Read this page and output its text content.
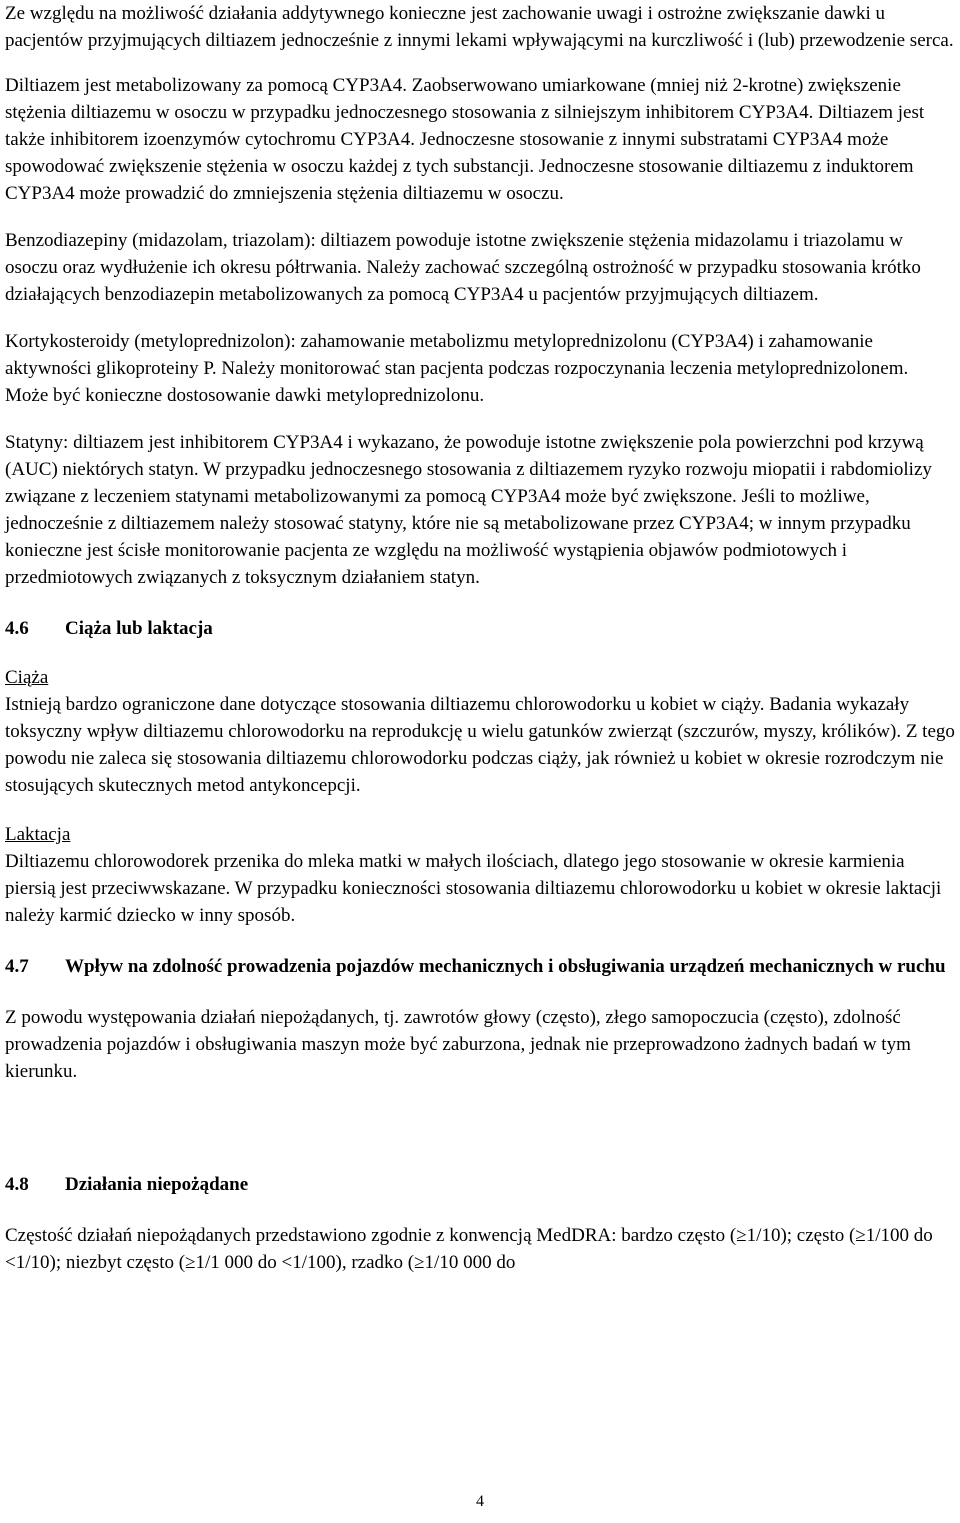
Ze względu na możliwość działania addytywnego konieczne jest zachowanie uwagi i ostrożne zwiększanie dawki u pacjentów przyjmujących diltiazem jednocześnie z innymi lekami wpływającymi na kurczliwość i (lub) przewodzenie serca.

Diltiazem jest metabolizowany za pomocą CYP3A4. Zaobserwowano umiarkowane (mniej niż 2-krotne) zwiększenie stężenia diltiazemu w osoczu w przypadku jednoczesnego stosowania z silniejszym inhibitorem CYP3A4. Diltiazem jest także inhibitorem izoenzymów cytochromu CYP3A4. Jednoczesne stosowanie z innymi substratami CYP3A4 może spowodować zwiększenie stężenia w osoczu każdej z tych substancji. Jednoczesne stosowanie diltiazemu z induktorem CYP3A4 może prowadzić do zmniejszenia stężenia diltiazemu w osoczu.

Benzodiazepiny (midazolam, triazolam): diltiazem powoduje istotne zwiększenie stężenia midazolamu i triazolamu w osoczu oraz wydłużenie ich okresu półtrwania. Należy zachować szczególną ostrożność w przypadku stosowania krótko działających benzodiazepin metabolizowanych za pomocą CYP3A4 u pacjentów przyjmujących diltiazem.

Kortykosteroidy (metyloprednizolon): zahamowanie metabolizmu metyloprednizolonu (CYP3A4) i zahamowanie aktywności glikoproteiny P. Należy monitorować stan pacjenta podczas rozpoczynania leczenia metyloprednizolonem. Może być konieczne dostosowanie dawki metyloprednizolonu.

Statyny: diltiazem jest inhibitorem CYP3A4 i wykazano, że powoduje istotne zwiększenie pola powierzchni pod krzywą (AUC) niektórych statyn. W przypadku jednoczesnego stosowania z diltiazemem ryzyko rozwoju miopatii i rabdomiolizy związane z leczeniem statynami metabolizowanymi za pomocą CYP3A4 może być zwiększone. Jeśli to możliwe, jednocześnie z diltiazemem należy stosować statyny, które nie są metabolizowane przez CYP3A4; w innym przypadku konieczne jest ścisłe monitorowanie pacjenta ze względu na możliwość wystąpienia objawów podmiotowych i przedmiotowych związanych z toksycznym działaniem statyn.

4.6	Ciąża lub laktacja

Ciąża

Istnieją bardzo ograniczone dane dotyczące stosowania diltiazemu chlorowodorku u kobiet w ciąży. Badania wykazały toksyczny wpływ diltiazemu chlorowodorku na reprodukcję u wielu gatunków zwierząt (szczurów, myszy, królików). Z tego powodu nie zaleca się stosowania diltiazemu chlorowodorku podczas ciąży, jak również u kobiet w okresie rozrodczym nie stosujących skutecznych metod antykoncepcji.

Laktacja

Diltiazemu chlorowodorek przenika do mleka matki w małych ilościach, dlatego jego stosowanie w okresie karmienia piersią jest przeciwwskazane. W przypadku konieczności stosowania diltiazemu chlorowodorku u kobiet w okresie laktacji należy karmić dziecko w inny sposób.

4.7	Wpływ na zdolność prowadzenia pojazdów mechanicznych i obsługiwania urządzeń mechanicznych w ruchu

Z powodu występowania działań niepożądanych, tj. zawrotów głowy (często), złego samopoczucia (często), zdolność prowadzenia pojazdów i obsługiwania maszyn może być zaburzona, jednak nie przeprowadzono żadnych badań w tym kierunku.

4.8	Działania niepożądane

Częstość działań niepożądanych przedstawiono zgodnie z konwencją MedDRA: bardzo często (≥1/10); często (≥1/100 do <1/10); niezbyt często (≥1/1 000 do <1/100), rzadko (≥1/10 000 do

4
